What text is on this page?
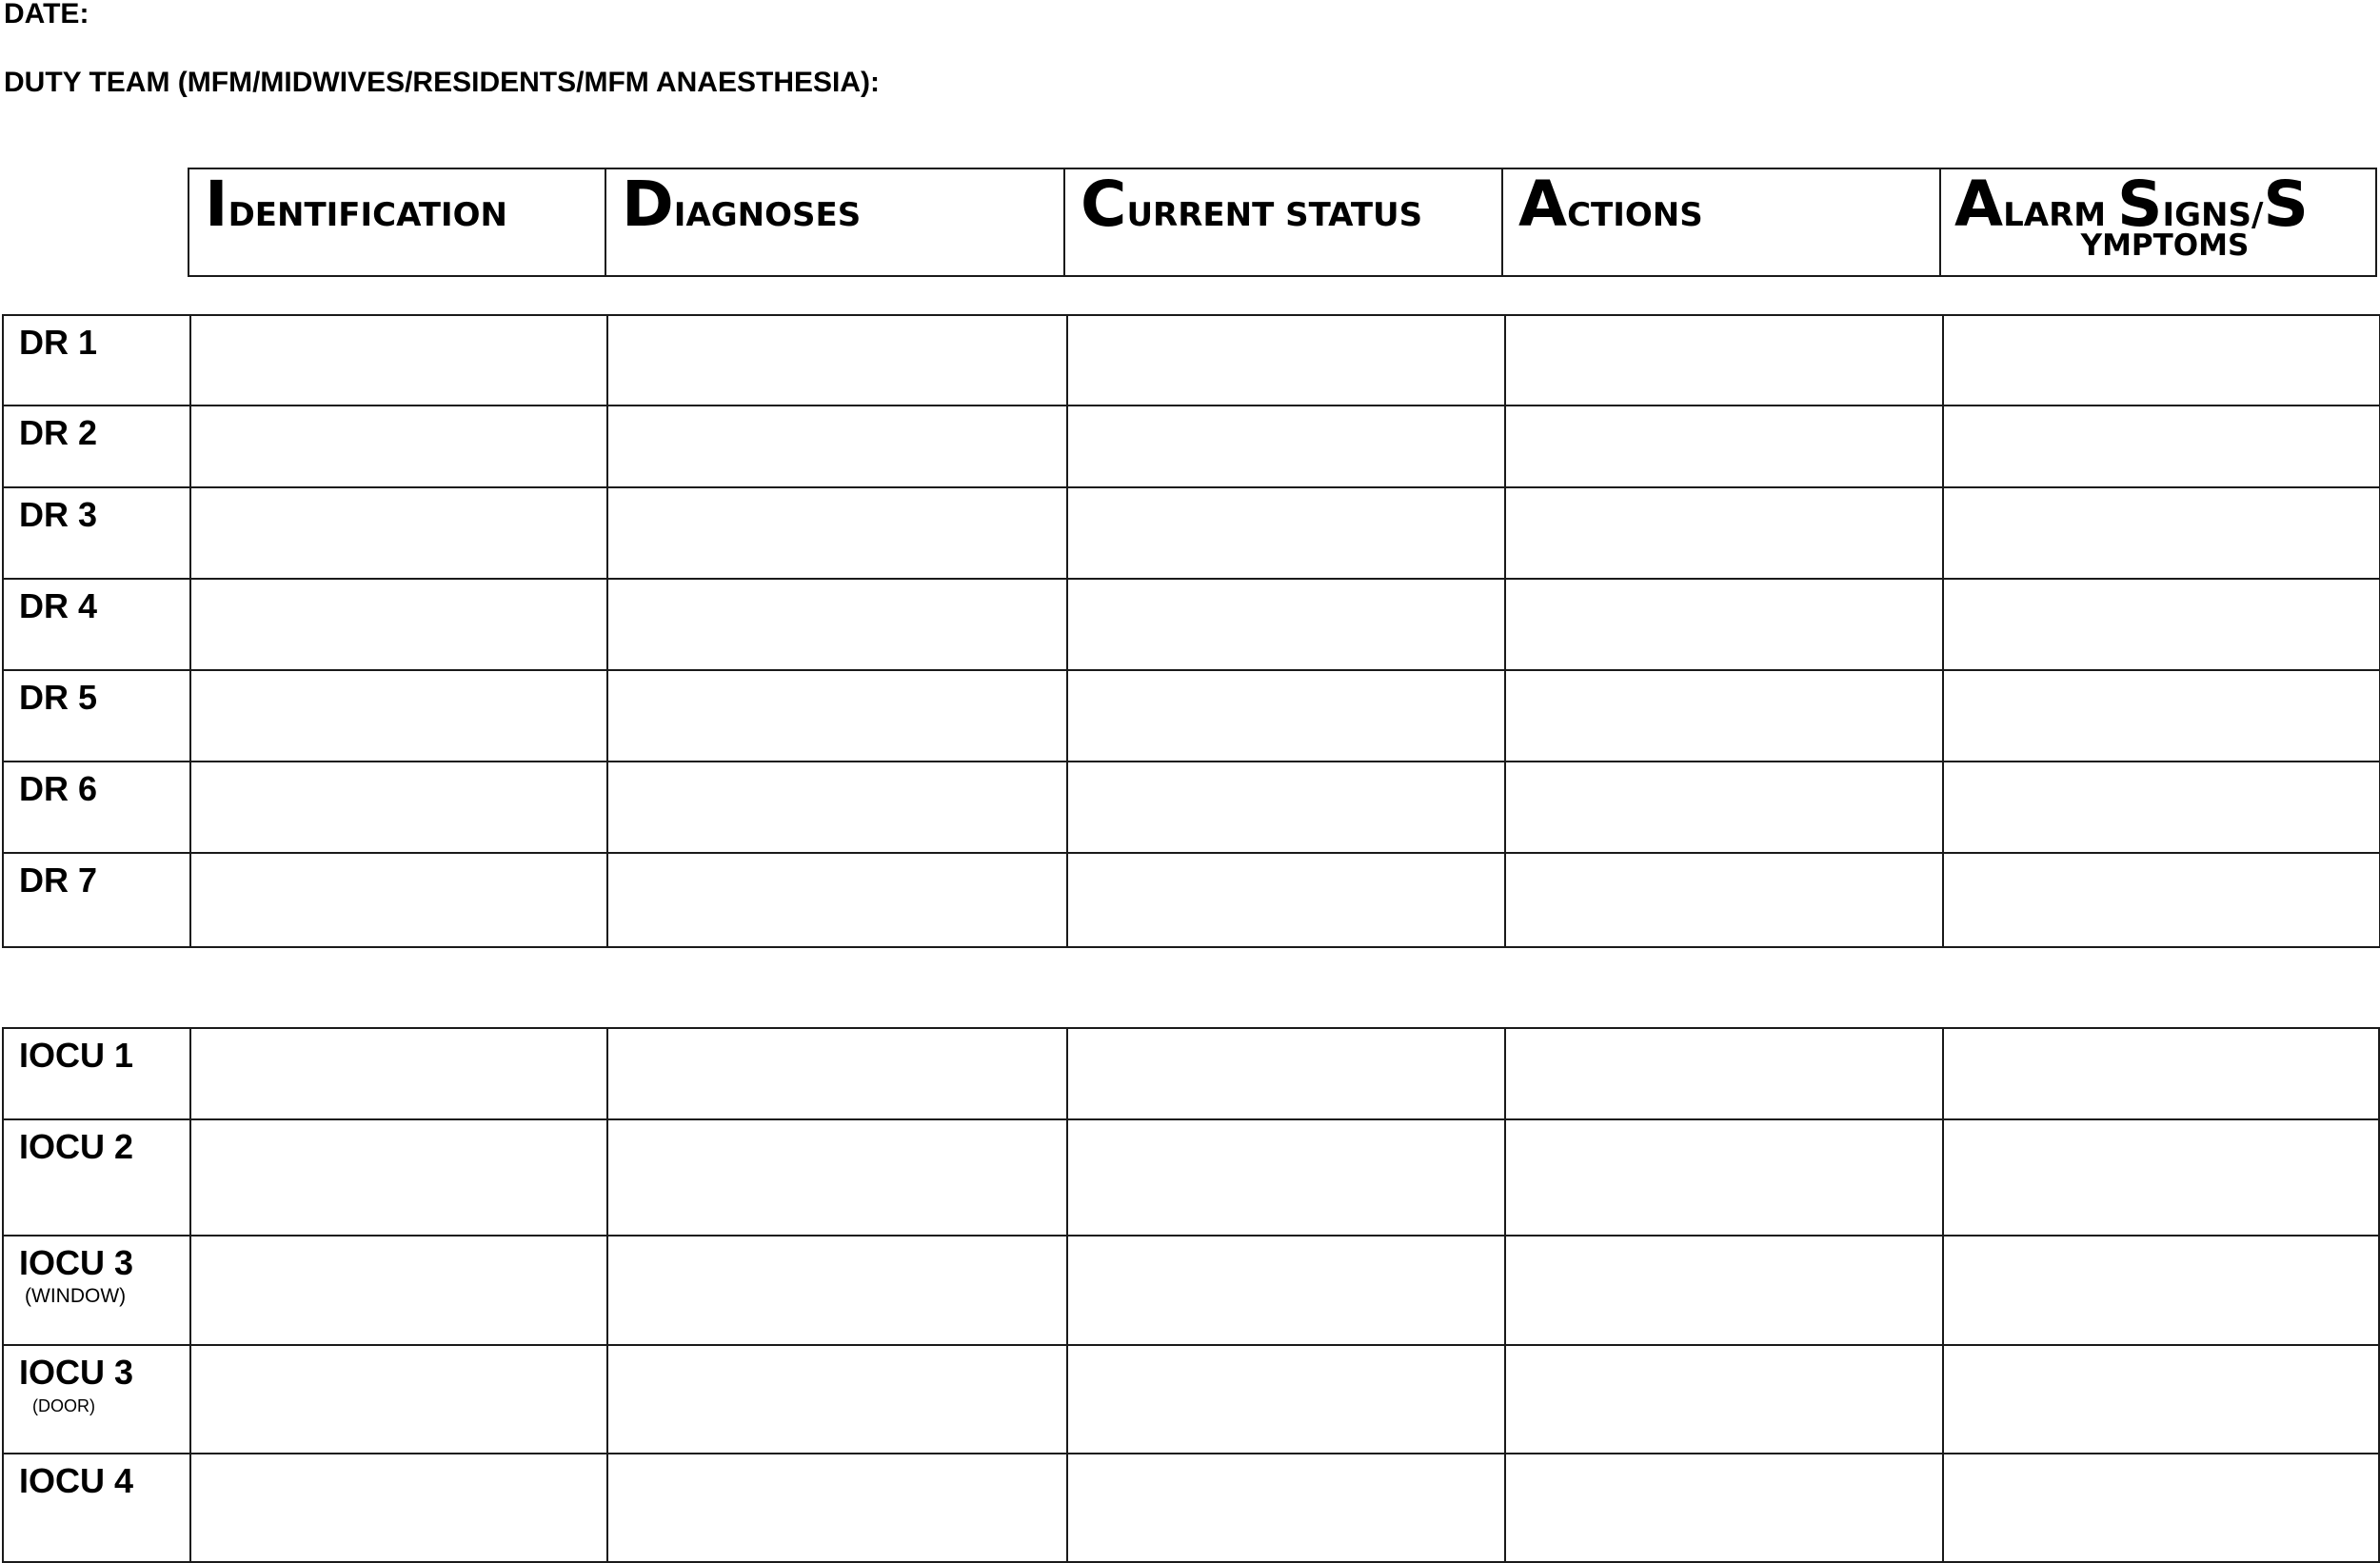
DATE:
DUTY TEAM (MFM/MIDWIVES/RESIDENTS/MFM ANAESTHESIA):
IDENTIFICATION	DIAGNOSES	CURRENT STATUS	ACTIONS	ALARM SIGNS/S
YMPTOMS
DR 1					
DR 2					
DR 3					
DR 4					
DR 5					
DR 6					
DR 7					
IOCU 1					
IOCU 2					
IOCU 3
(WINDOW)					

IOCU 3
(DOOR)					

IOCU 4					
